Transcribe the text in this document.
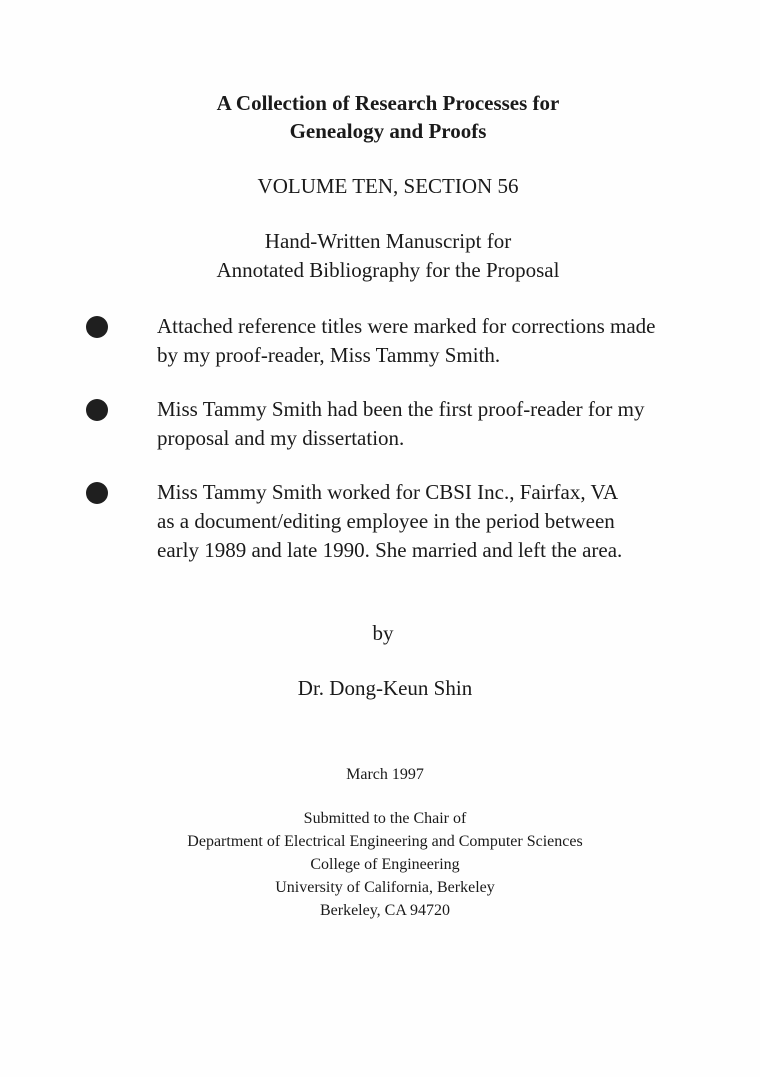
A Collection of Research Processes for
Genealogy and Proofs
VOLUME TEN, SECTION 56
Hand-Written Manuscript for
Annotated Bibliography for the Proposal
Attached reference titles were marked for corrections made
by my proof-reader, Miss Tammy Smith.
Miss Tammy Smith had been the first proof-reader for my
proposal and my dissertation.
Miss Tammy Smith worked for CBSI Inc., Fairfax, VA
as a document/editing employee in the period between
early 1989 and late 1990. She married and left the area.
by
Dr. Dong-Keun Shin
March 1997
Submitted to the Chair of
Department of Electrical Engineering and Computer Sciences
College of Engineering
University of California, Berkeley
Berkeley, CA 94720
